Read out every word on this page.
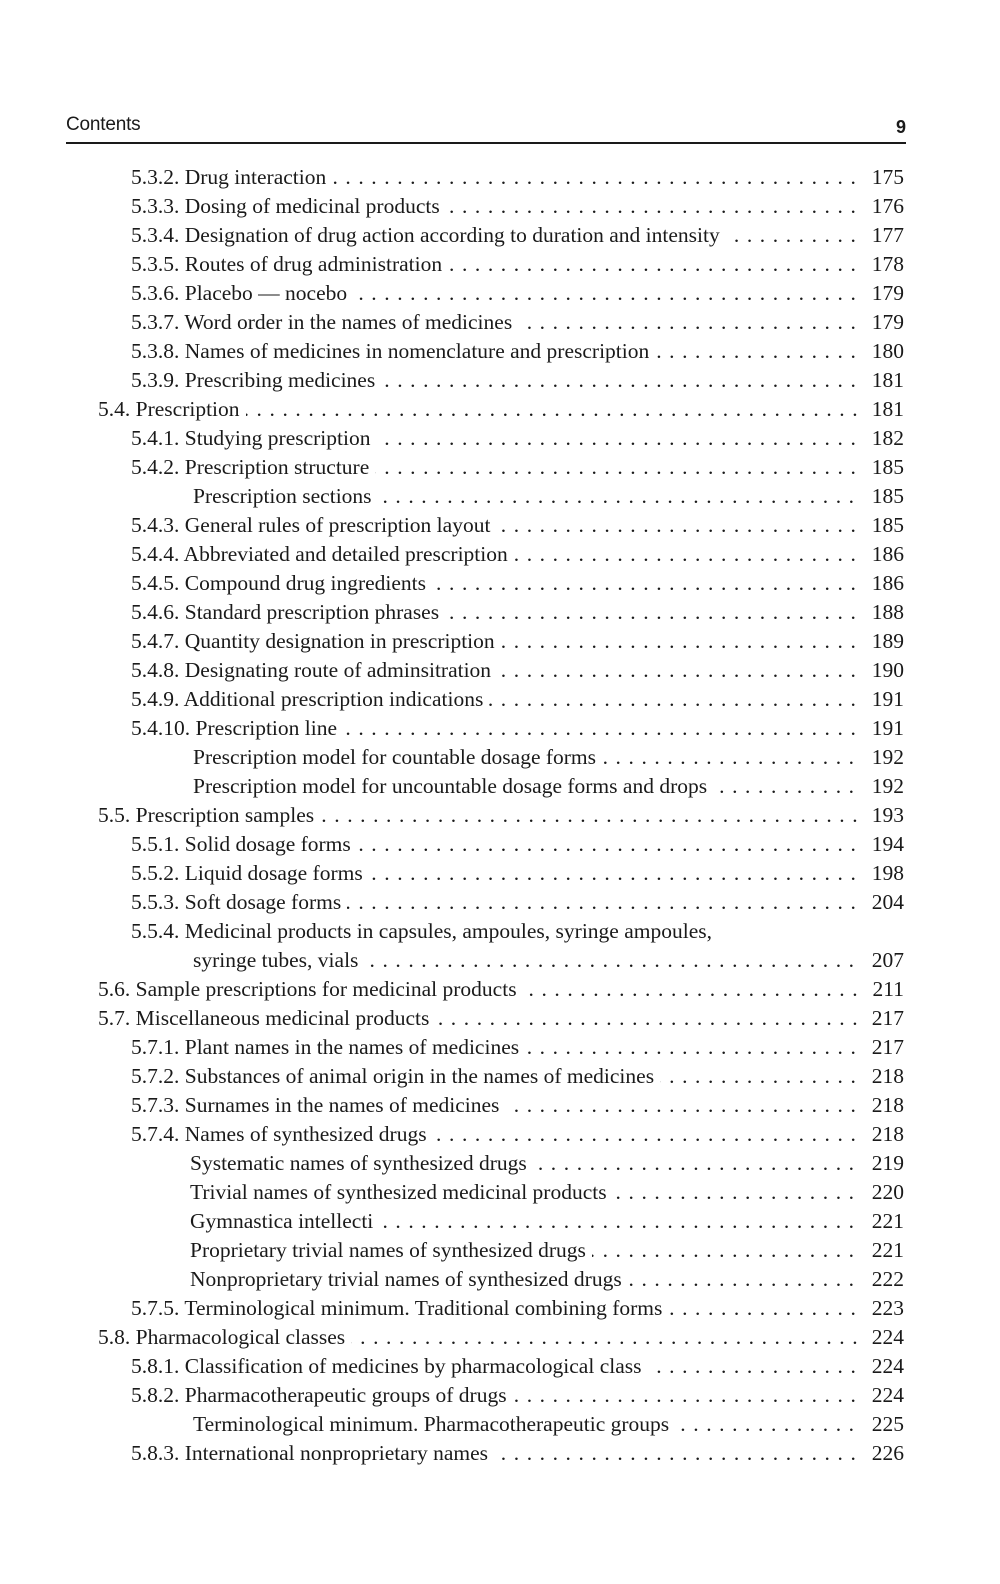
Contents	9
. . .
5.3.2. Drug interaction	175
. . .
5.3.3. Dosing of medicinal products	176
. . .
5.3.4. Designation of drug action according to duration and intensity	177
. . .
5.3.5. Routes of drug administration	178
. . .
5.3.6. Placebo — nocebo	179
. . .
5.3.7. Word order in the names of medicines	179
. . .
5.3.8. Names of medicines in nomenclature and prescription	180
. . .
5.3.9. Prescribing medicines	181
. . .
5.4. Prescription	181
. . .
5.4.1. Studying prescription	182
. . .
5.4.2. Prescription structure	185
. . .
Prescription sections	185
. . .
5.4.3. General rules of prescription layout	185
. . .
5.4.4. Abbreviated and detailed prescription	186
. . .
5.4.5. Compound drug ingredients	186
. . .
5.4.6. Standard prescription phrases	188
. . .
5.4.7. Quantity designation in prescription	189
. . .
5.4.8. Designating route of adminsitration	190
. . .
5.4.9. Additional prescription indications	191
. . .
5.4.10. Prescription line	191
. . .
Prescription model for countable dosage forms	192
. . .
Prescription model for uncountable dosage forms and drops	192
. . .
5.5. Prescription samples	193
. . .
5.5.1. Solid dosage forms	194
. . .
5.5.2. Liquid dosage forms	198
. . .
5.5.3. Soft dosage forms	204
5.5.4. Medicinal products in capsules, ampoules, syringe ampoules,
. . .
syringe tubes, vials	207
. . .
5.6. Sample prescriptions for medicinal products	211
. . .
5.7. Miscellaneous medicinal products	217
. . .
5.7.1. Plant names in the names of medicines	217
. . .
5.7.2. Substances of animal origin in the names of medicines	218
. . .
5.7.3. Surnames in the names of medicines	218
. . .
5.7.4. Names of synthesized drugs	218
. . .
Systematic names of synthesized drugs	219
. . .
Trivial names of synthesized medicinal products	220
. . .
Gymnastica intellecti	221
. . .
Proprietary trivial names of synthesized drugs	221
. . .
Nonproprietary trivial names of synthesized drugs	222
. . .
5.7.5. Terminological minimum. Traditional combining forms	223
. . .
5.8. Pharmacological classes	224
. . .
5.8.1. Classification of medicines by pharmacological class	224
. . .
5.8.2. Pharmacotherapeutic groups of drugs	224
. . .
Terminological minimum. Pharmacotherapeutic groups	225
. . .
5.8.3. International nonproprietary names	226
